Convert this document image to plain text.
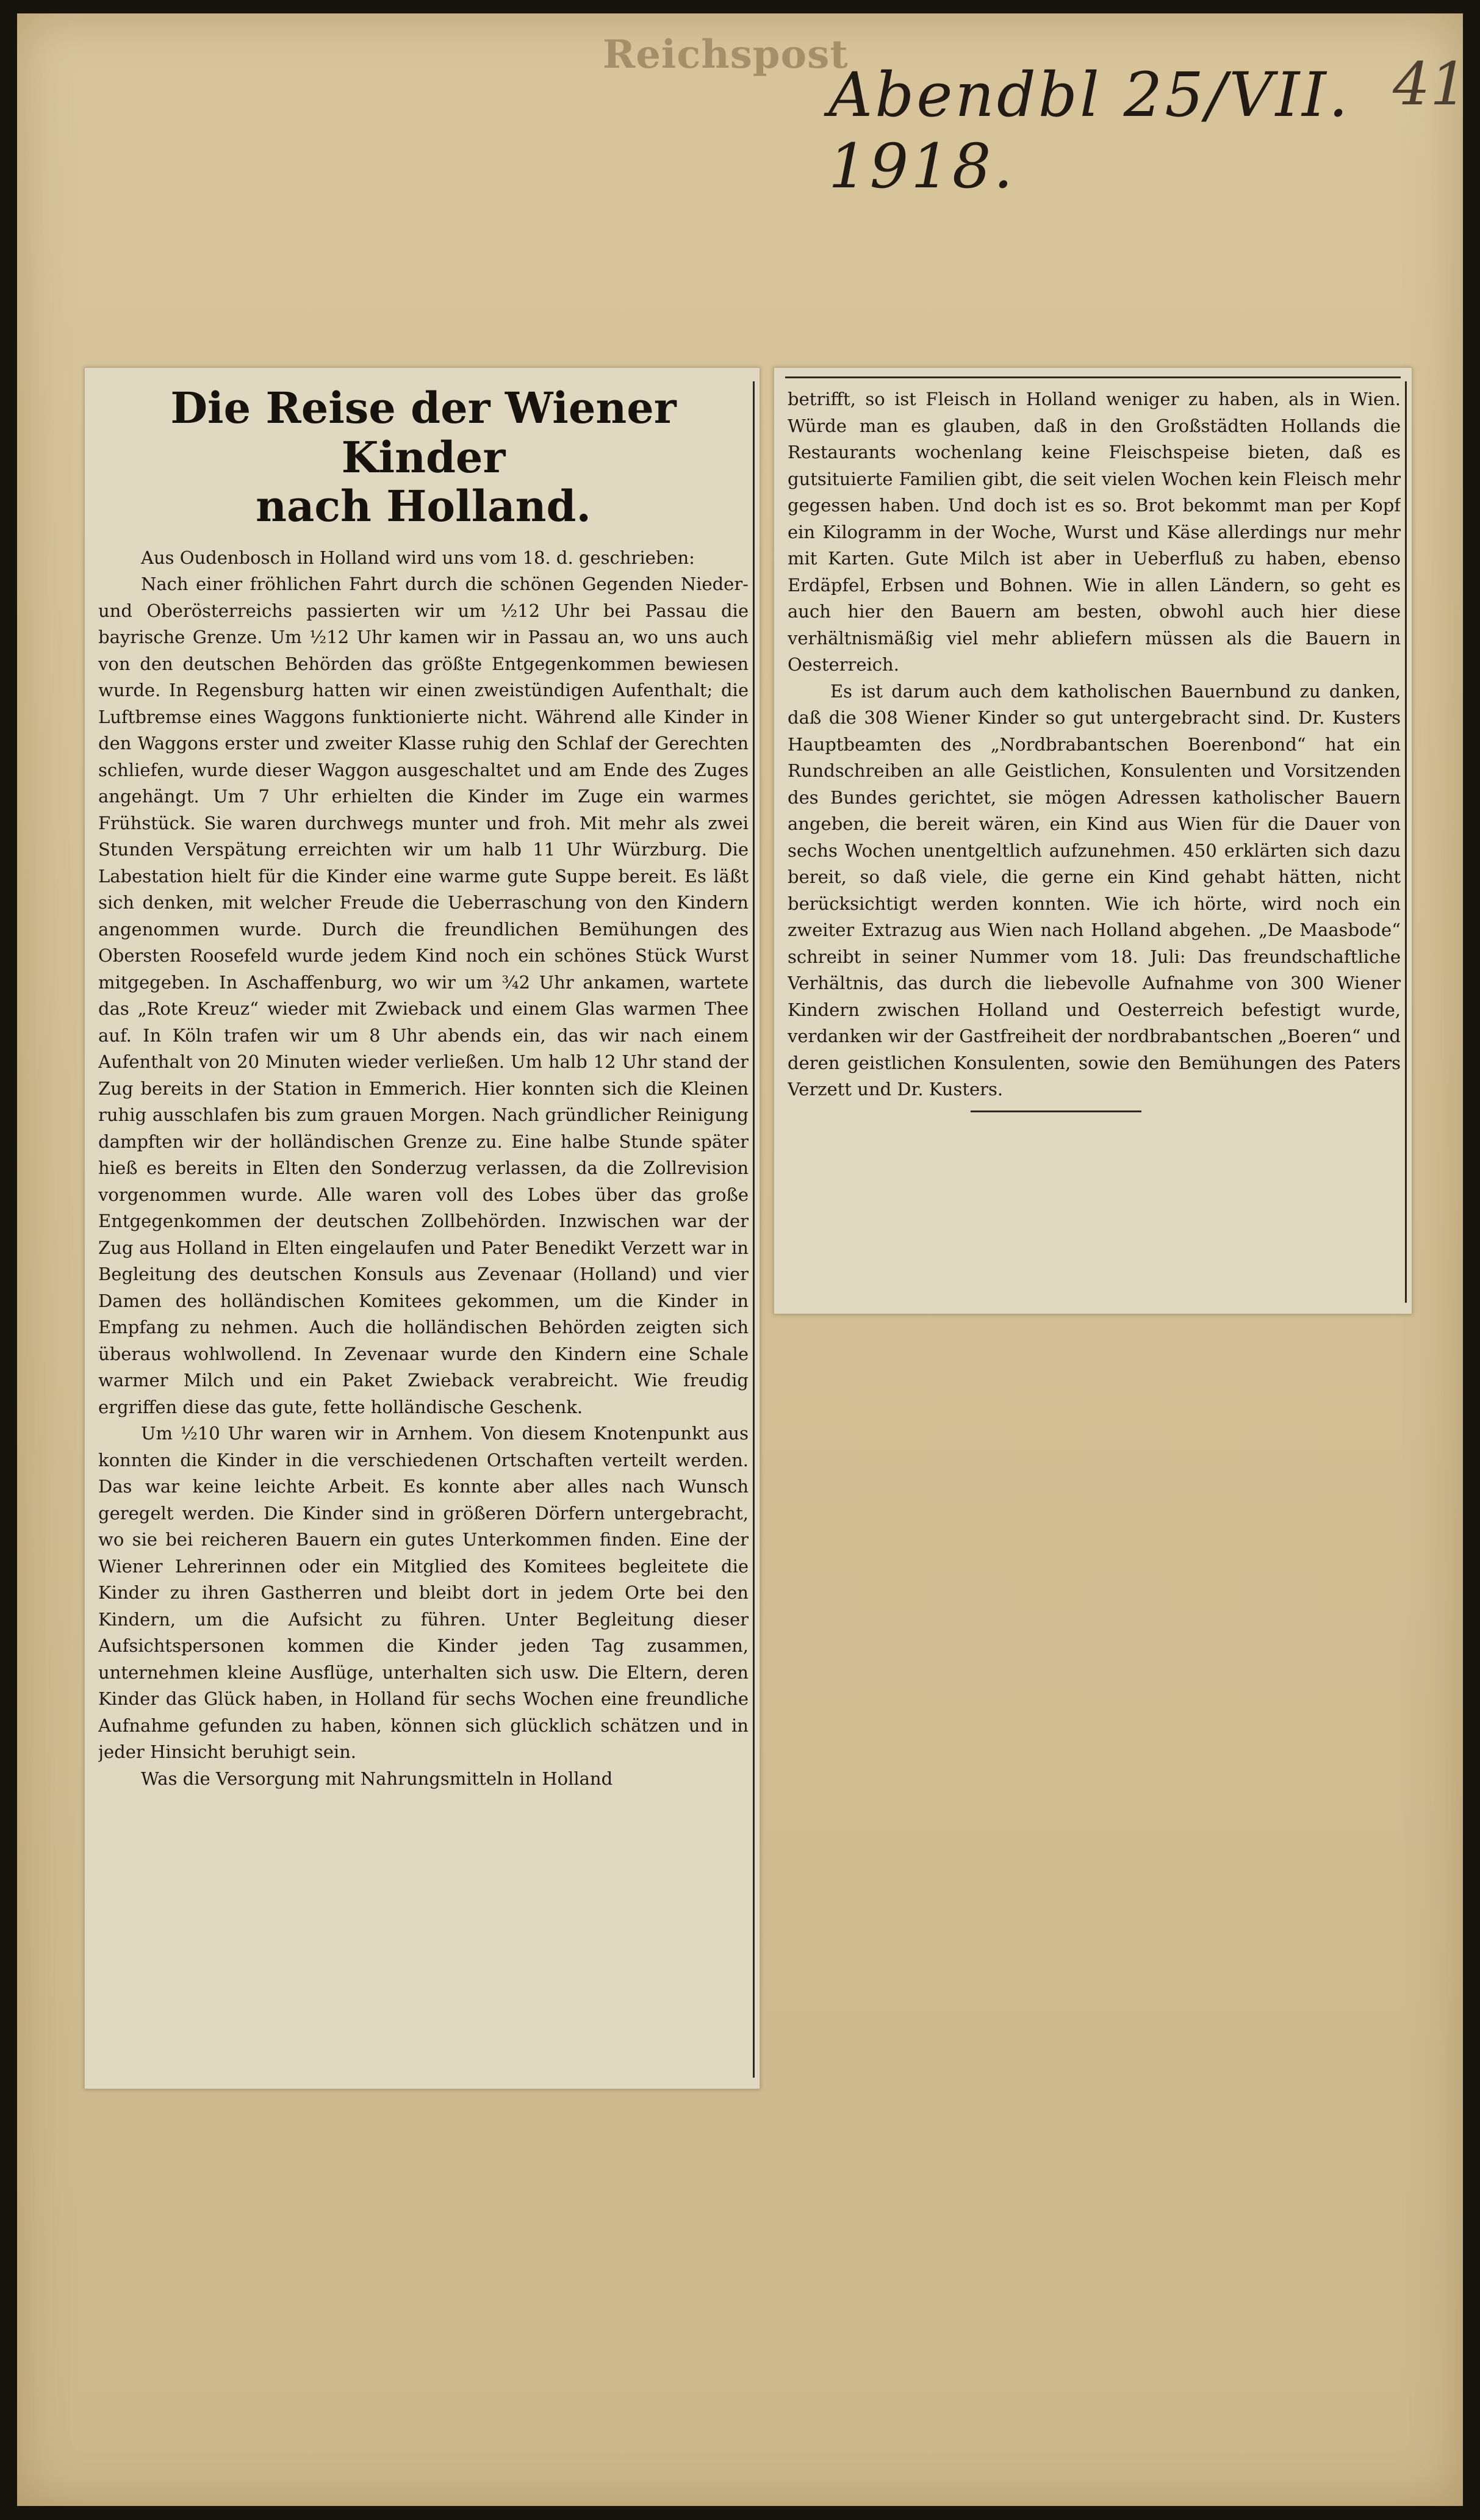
Reichspost
Abendbl 25/VII. 1918.
41
Die Reise der Wiener Kinder
nach Holland.

Aus Oudenbosch in Holland wird uns vom 18. d. geschrieben:

Nach einer fröhlichen Fahrt durch die schönen Gegenden Nieder- und Oberösterreichs passierten wir um ½12 Uhr bei Passau die bayrische Grenze. Um ½12 Uhr kamen wir in Passau an, wo uns auch von den deutschen Behörden das größte Entgegenkommen bewiesen wurde. In Regensburg hatten wir einen zweistündigen Aufenthalt; die Luftbremse eines Waggons funktionierte nicht. Während alle Kinder in den Waggons erster und zweiter Klasse ruhig den Schlaf der Gerechten schliefen, wurde dieser Waggon ausgeschaltet und am Ende des Zuges angehängt. Um 7 Uhr erhielten die Kinder im Zuge ein warmes Frühstück. Sie waren durchwegs munter und froh. Mit mehr als zwei Stunden Verspätung erreichten wir um halb 11 Uhr Würzburg. Die Labestation hielt für die Kinder eine warme gute Suppe bereit. Es läßt sich denken, mit welcher Freude die Ueberraschung von den Kindern angenommen wurde. Durch die freundlichen Bemühungen des Obersten Roosefeld wurde jedem Kind noch ein schönes Stück Wurst mitgegeben. In Aschaffenburg, wo wir um ¾2 Uhr ankamen, wartete das „Rote Kreuz“ wieder mit Zwieback und einem Glas warmen Thee auf. In Köln trafen wir um 8 Uhr abends ein, das wir nach einem Aufenthalt von 20 Minuten wieder verließen. Um halb 12 Uhr stand der Zug bereits in der Station in Emmerich. Hier konnten sich die Kleinen ruhig ausschlafen bis zum grauen Morgen. Nach gründlicher Reinigung dampften wir der holländischen Grenze zu. Eine halbe Stunde später hieß es bereits in Elten den Sonderzug verlassen, da die Zollrevision vorgenommen wurde. Alle waren voll des Lobes über das große Entgegenkommen der deutschen Zollbehörden. Inzwischen war der Zug aus Holland in Elten eingelaufen und Pater Benedikt Verzett war in Begleitung des deutschen Konsuls aus Zevenaar (Holland) und vier Damen des holländischen Komitees gekommen, um die Kinder in Empfang zu nehmen. Auch die holländischen Behörden zeigten sich überaus wohlwollend. In Zevenaar wurde den Kindern eine Schale warmer Milch und ein Paket Zwieback verabreicht. Wie freudig ergriffen diese das gute, fette holländische Geschenk.

Um ½10 Uhr waren wir in Arnhem. Von diesem Knotenpunkt aus konnten die Kinder in die verschiedenen Ortschaften verteilt werden. Das war keine leichte Arbeit. Es konnte aber alles nach Wunsch geregelt werden. Die Kinder sind in größeren Dörfern untergebracht, wo sie bei reicheren Bauern ein gutes Unterkommen finden. Eine der Wiener Lehrerinnen oder ein Mitglied des Komitees begleitete die Kinder zu ihren Gastherren und bleibt dort in jedem Orte bei den Kindern, um die Aufsicht zu führen. Unter Begleitung dieser Aufsichtspersonen kommen die Kinder jeden Tag zusammen, unternehmen kleine Ausflüge, unterhalten sich usw. Die Eltern, deren Kinder das Glück haben, in Holland für sechs Wochen eine freundliche Aufnahme gefunden zu haben, können sich glücklich schätzen und in jeder Hinsicht beruhigt sein.

Was die Versorgung mit Nahrungsmitteln in Holland

betrifft, so ist Fleisch in Holland weniger zu haben, als in Wien. Würde man es glauben, daß in den Großstädten Hollands die Restaurants wochenlang keine Fleischspeise bieten, daß es gutsituierte Familien gibt, die seit vielen Wochen kein Fleisch mehr gegessen haben. Und doch ist es so. Brot bekommt man per Kopf ein Kilogramm in der Woche, Wurst und Käse allerdings nur mehr mit Karten. Gute Milch ist aber in Ueberfluß zu haben, ebenso Erdäpfel, Erbsen und Bohnen. Wie in allen Ländern, so geht es auch hier den Bauern am besten, obwohl auch hier diese verhältnismäßig viel mehr abliefern müssen als die Bauern in Oesterreich.

Es ist darum auch dem katholischen Bauernbund zu danken, daß die 308 Wiener Kinder so gut untergebracht sind. Dr. Kusters Hauptbeamten des „Nordbrabantschen Boerenbond“ hat ein Rundschreiben an alle Geistlichen, Konsulenten und Vorsitzenden des Bundes gerichtet, sie mögen Adressen katholischer Bauern angeben, die bereit wären, ein Kind aus Wien für die Dauer von sechs Wochen unentgeltlich aufzunehmen. 450 erklärten sich dazu bereit, so daß viele, die gerne ein Kind gehabt hätten, nicht berücksichtigt werden konnten. Wie ich hörte, wird noch ein zweiter Extrazug aus Wien nach Holland abgehen. „De Maasbode“ schreibt in seiner Nummer vom 18. Juli: Das freundschaftliche Verhältnis, das durch die liebevolle Aufnahme von 300 Wiener Kindern zwischen Holland und Oesterreich befestigt wurde, verdanken wir der Gastfreiheit der nordbrabantschen „Boeren“ und deren geistlichen Konsulenten, sowie den Bemühungen des Paters Verzett und Dr. Kusters.
